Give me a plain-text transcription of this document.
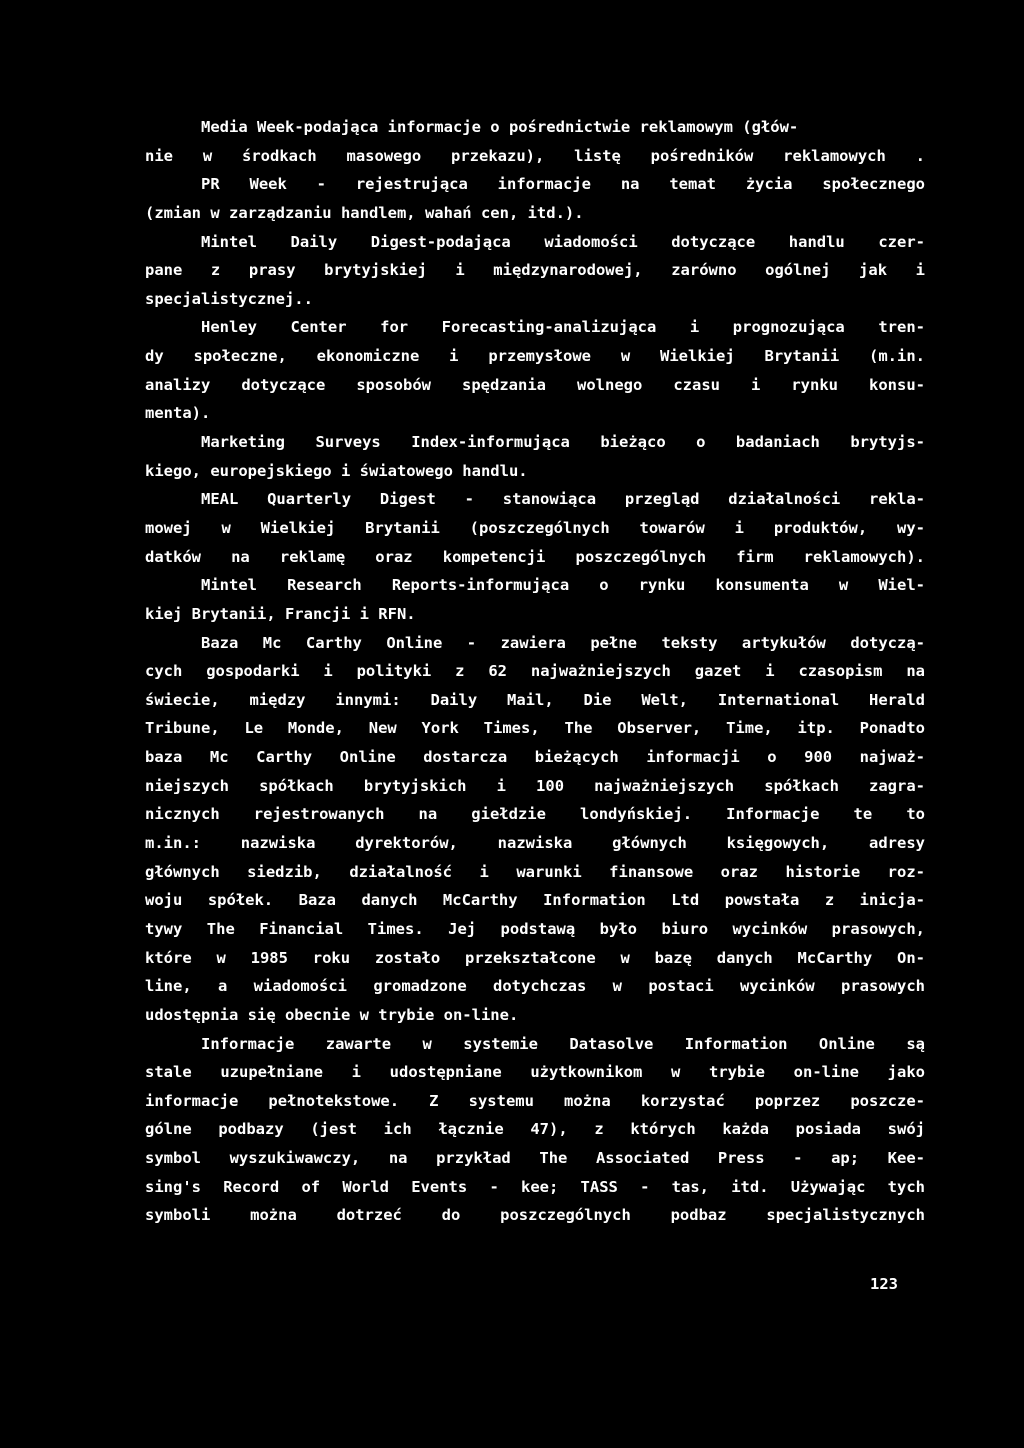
Media Week-podająca informacje o pośrednictwie reklamowym (głów-
nie w środkach masowego przekazu), listę pośredników reklamowych .
PR Week - rejestrująca informacje na temat życia społecznego
(zmian w zarządzaniu handlem, wahań cen, itd.).
Mintel Daily Digest-podająca wiadomości dotyczące handlu czer-
pane z prasy brytyjskiej i międzynarodowej, zarówno ogólnej jak i
specjalistycznej..
Henley Center for Forecasting-analizująca i prognozująca tren-
dy społeczne, ekonomiczne i przemysłowe w Wielkiej Brytanii (m.in.
analizy dotyczące sposobów spędzania wolnego czasu i rynku konsu-
menta).
Marketing Surveys Index-informująca bieżąco o badaniach brytyjs-
kiego, europejskiego i światowego handlu.
MEAL Quarterly Digest - stanowiąca przegląd działalności rekla-
mowej w Wielkiej Brytanii (poszczególnych towarów i produktów, wy-
datków na reklamę oraz kompetencji poszczególnych firm reklamowych).
Mintel Research Reports-informująca o rynku konsumenta w Wiel-
kiej Brytanii, Francji i RFN.
Baza Mc Carthy Online - zawiera pełne teksty artykułów dotyczą-
cych gospodarki i polityki z 62 najważniejszych gazet i czasopism na
świecie, między innymi: Daily Mail, Die Welt, International Herald
Tribune, Le Monde, New York Times, The Observer, Time, itp. Ponadto
baza Mc Carthy Online dostarcza bieżących informacji o 900 najważ-
niejszych spółkach brytyjskich i 100 najważniejszych spółkach zagra-
nicznych rejestrowanych na giełdzie londyńskiej. Informacje te to
m.in.: nazwiska dyrektorów, nazwiska głównych księgowych, adresy
głównych siedzib, działalność i warunki finansowe oraz historie roz-
woju spółek. Baza danych McCarthy Information Ltd powstała z inicja-
tywy The Financial Times. Jej podstawą było biuro wycinków prasowych,
które w 1985 roku zostało przekształcone w bazę danych McCarthy On-
line, a wiadomości gromadzone dotychczas w postaci wycinków prasowych
udostępnia się obecnie w trybie on-line.
Informacje zawarte w systemie Datasolve Information Online są
stale uzupełniane i udostępniane użytkownikom w trybie on-line jako
informacje pełnotekstowe. Z systemu można korzystać poprzez poszcze-
gólne podbazy (jest ich łącznie 47), z których każda posiada swój
symbol wyszukiwawczy, na przykład The Associated Press - ap; Kee-
sing's Record of World Events - kee; TASS - tas, itd. Używając tych
symboli można dotrzeć do poszczególnych podbaz specjalistycznych
123
